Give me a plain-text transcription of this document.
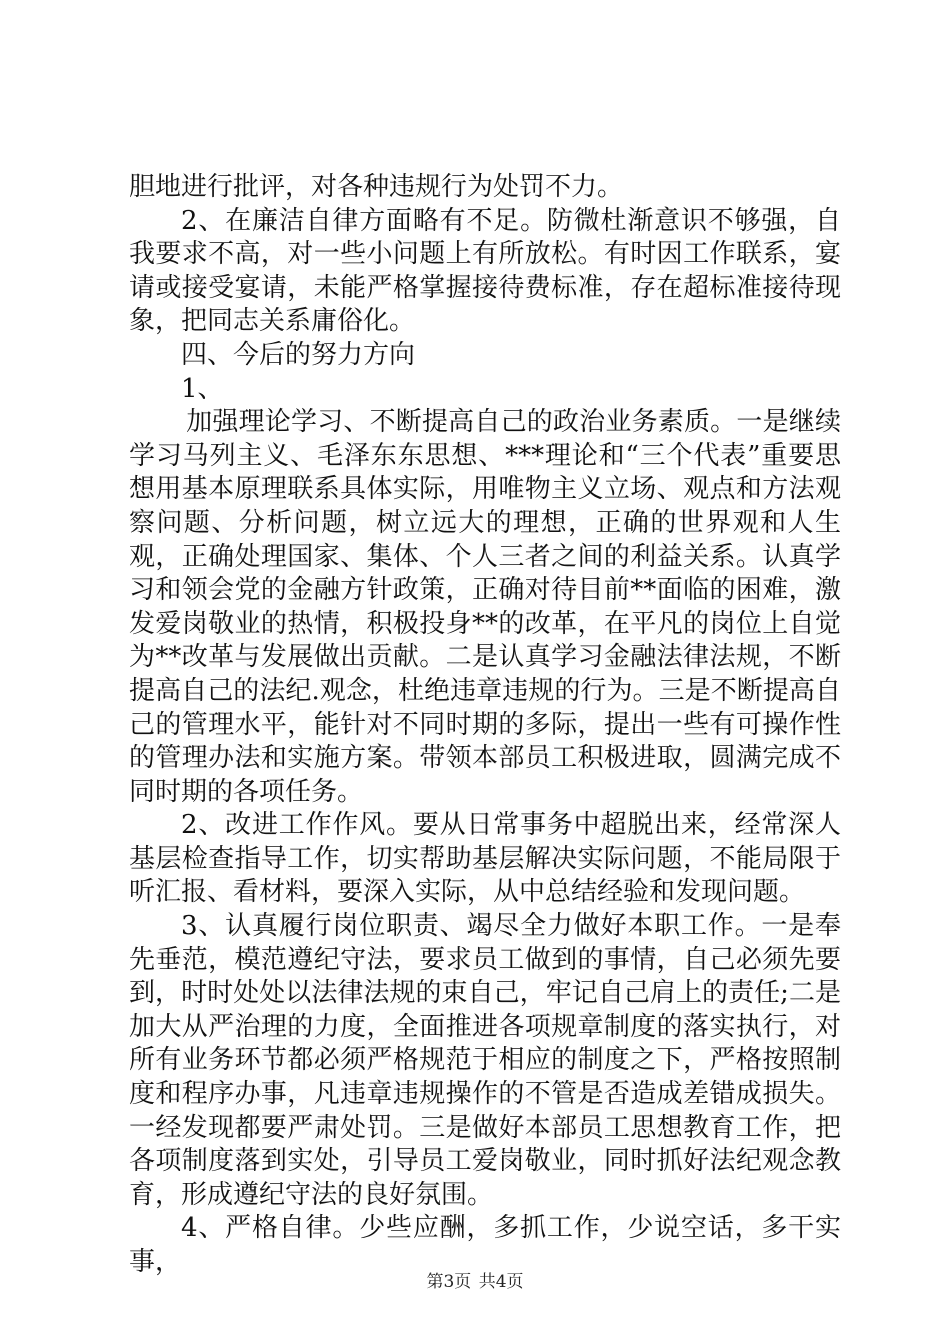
胆地进行批评，对各种违规行为处罚不力。

2、在廉洁自律方面略有不足。防微杜渐意识不够强，自我要求不高，对一些小问题上有所放松。有时因工作联系，宴请或接受宴请，未能严格掌握接待费标准，存在超标准接待现象，把同志关系庸俗化。

四、今后的努力方向

1、

加强理论学习、不断提高自己的政治业务素质。一是继续学习马列主义、毛泽东东思想、***理论和“三个代表”重要思想用基本原理联系具体实际，用唯物主义立场、观点和方法观察问题、分析问题，树立远大的理想，正确的世界观和人生观，正确处理国家、集体、个人三者之间的利益关系。认真学习和领会党的金融方针政策，正确对待目前**面临的困难，激发爱岗敬业的热情，积极投身**的改革，在平凡的岗位上自觉为**改革与发展做出贡献。二是认真学习金融法律法规，不断提高自己的法纪.观念，杜绝违章违规的行为。三是不断提高自己的管理水平，能针对不同时期的多际，提出一些有可操作性的管理办法和实施方案。带领本部员工积极进取，圆满完成不同时期的各项任务。

2、改进工作作风。要从日常事务中超脱出来，经常深人基层检查指导工作，切实帮助基层解决实际问题，不能局限于听汇报、看材料，要深入实际，从中总结经验和发现问题。

3、认真履行岗位职责、竭尽全力做好本职工作。一是奉先垂范，模范遵纪守法，要求员工做到的事情，自己必须先要到，时时处处以法律法规的束自己，牢记自己肩上的责任;二是加大从严治理的力度，全面推进各项规章制度的落实执行，对所有业务环节都必须严格规范于相应的制度之下，严格按照制度和程序办事，凡违章违规操作的不管是否造成差错成损失。一经发现都要严肃处罚。三是做好本部员工思想教育工作，把各项制度落到实处，引导员工爱岗敬业，同时抓好法纪观念教育，形成遵纪守法的良好氛围。

4、严格自律。少些应酬，多抓工作，少说空话，多干实事，

第3页 共4页
